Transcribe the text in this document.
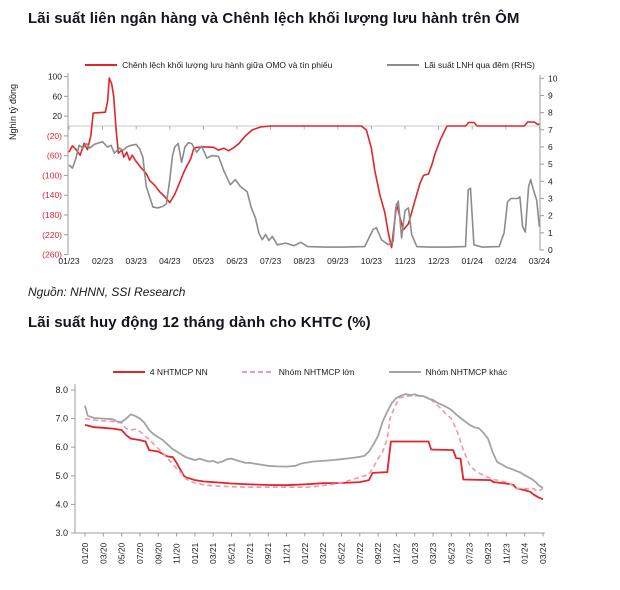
Lãi suất liên ngân hàng và Chênh lệch khối lượng lưu hành trên ÔM
Chênh lệch khối lượng lưu hành giữa OMO và tín phiếu	Lãi suất LNH qua đêm (RHS)
Nghìn tỷ đồng
100
60
20
(20)
(60)
(100)
(140)
(180)
(220)
(260)
10
9
8
7
6
5
4
3
2
1
0
01/23 02/23 03/23 04/23 05/23 06/23 07/23 08/23 09/23 10/23 11/23 12/23 01/24 02/24 03/24
Nguồn: NHNN, SSI Research
Lãi suất huy động 12 tháng dành cho KHTC (%)
4 NHTMCP NN	Nhóm NHTMCP lớn	Nhóm NHTMCP khác
8.0
7.0
6.0
5.0
4.0
3.0
01/20 03/20 05/20 07/20 09/20 11/20 01/21 03/21 05/21 07/21 09/21 11/21 01/22 03/22 05/22 07/22 09/22 11/22 01/23 03/23 05/23 07/23 09/23 11/23 01/24 03/24
